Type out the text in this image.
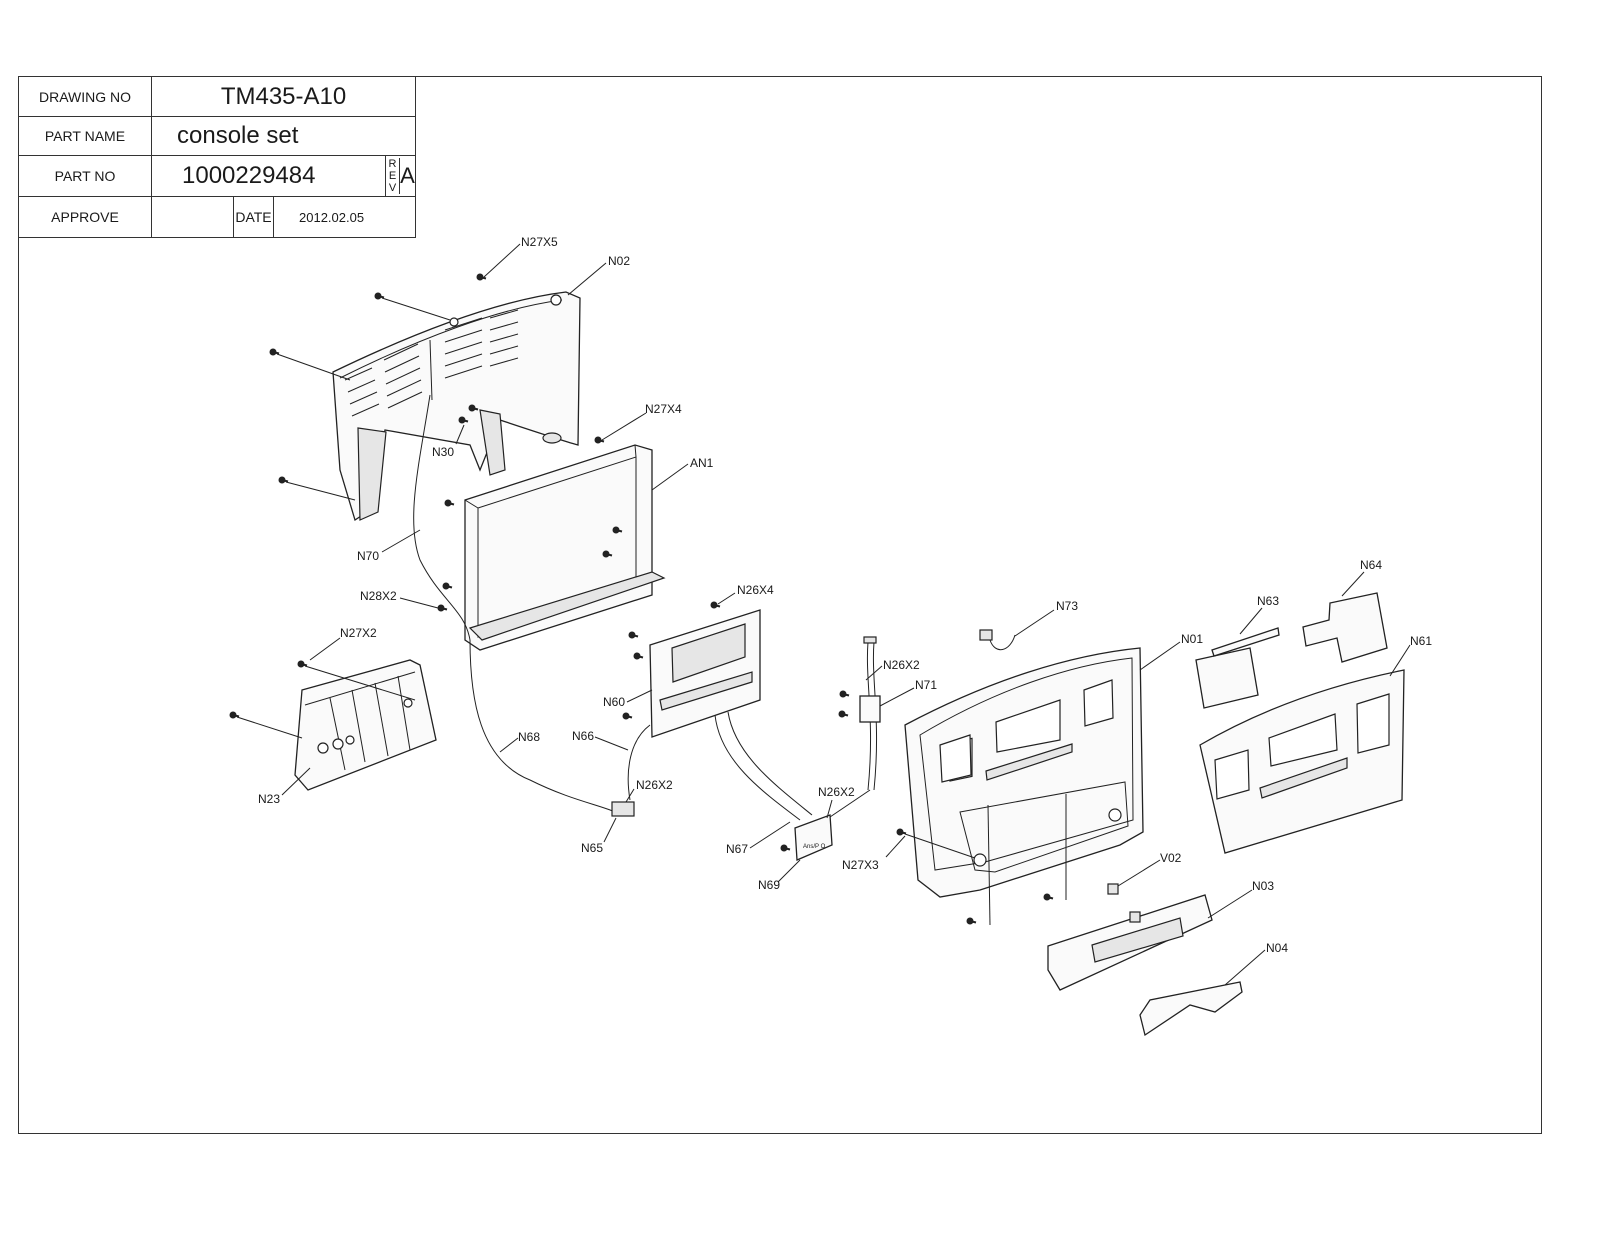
Ans/P O
N27X5
N02
N27X4
N30
AN1
N70
N28X2
N27X2
N23
N26X4
N60
N66
N68
N26X2
N65	N67
N69
N26X2
N26X2
N71
N73
N01
N27X3	V02
N03
N04
N63
N64
N61
DRAWING NO	TM435-A10			
PART NAME	console set			
PART NO	1000229484			R E V A

APPROVE		DATE	2012.02.05	
